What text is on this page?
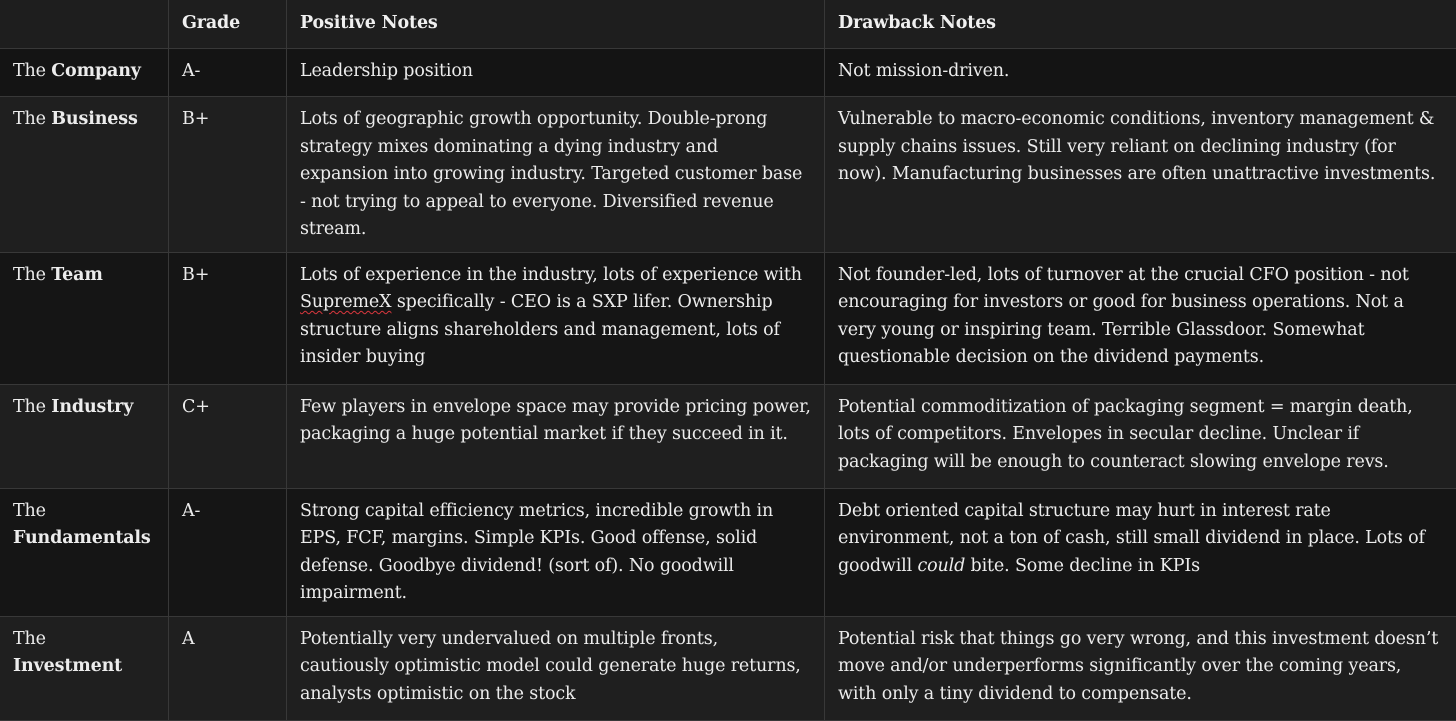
	Grade	Positive Notes	Drawback Notes
The Company	A-	Leadership position	Not mission-driven.
The Business	B+	Lots of geographic growth opportunity. Double-prong strategy mixes dominating a dying industry and expansion into growing industry. Targeted customer base - not trying to appeal to everyone. Diversified revenue stream.	Vulnerable to macro-economic conditions, inventory management & supply chains issues. Still very reliant on declining industry (for now). Manufacturing businesses are often unattractive investments.
The Team	B+	Lots of experience in the industry, lots of experience with SupremeX specifically - CEO is a SXP lifer. Ownership structure aligns shareholders and management, lots of insider buying	Not founder-led, lots of turnover at the crucial CFO position - not encouraging for investors or good for business operations. Not a very young or inspiring team. Terrible Glassdoor. Somewhat questionable decision on the dividend payments.
The Industry	C+	Few players in envelope space may provide pricing power, packaging a huge potential market if they succeed in it.	Potential commoditization of packaging segment = margin death, lots of competitors. Envelopes in secular decline. Unclear if packaging will be enough to counteract slowing envelope revs.
The Fundamentals	A-	Strong capital efficiency metrics, incredible growth in EPS, FCF, margins. Simple KPIs. Good offense, solid defense. Goodbye dividend! (sort of). No goodwill impairment.	Debt oriented capital structure may hurt in interest rate environment, not a ton of cash, still small dividend in place. Lots of goodwill could bite. Some decline in KPIs
The Investment	A	Potentially very undervalued on multiple fronts, cautiously optimistic model could generate huge returns, analysts optimistic on the stock	Potential risk that things go very wrong, and this investment doesn’t move and/or underperforms significantly over the coming years, with only a tiny dividend to compensate.
